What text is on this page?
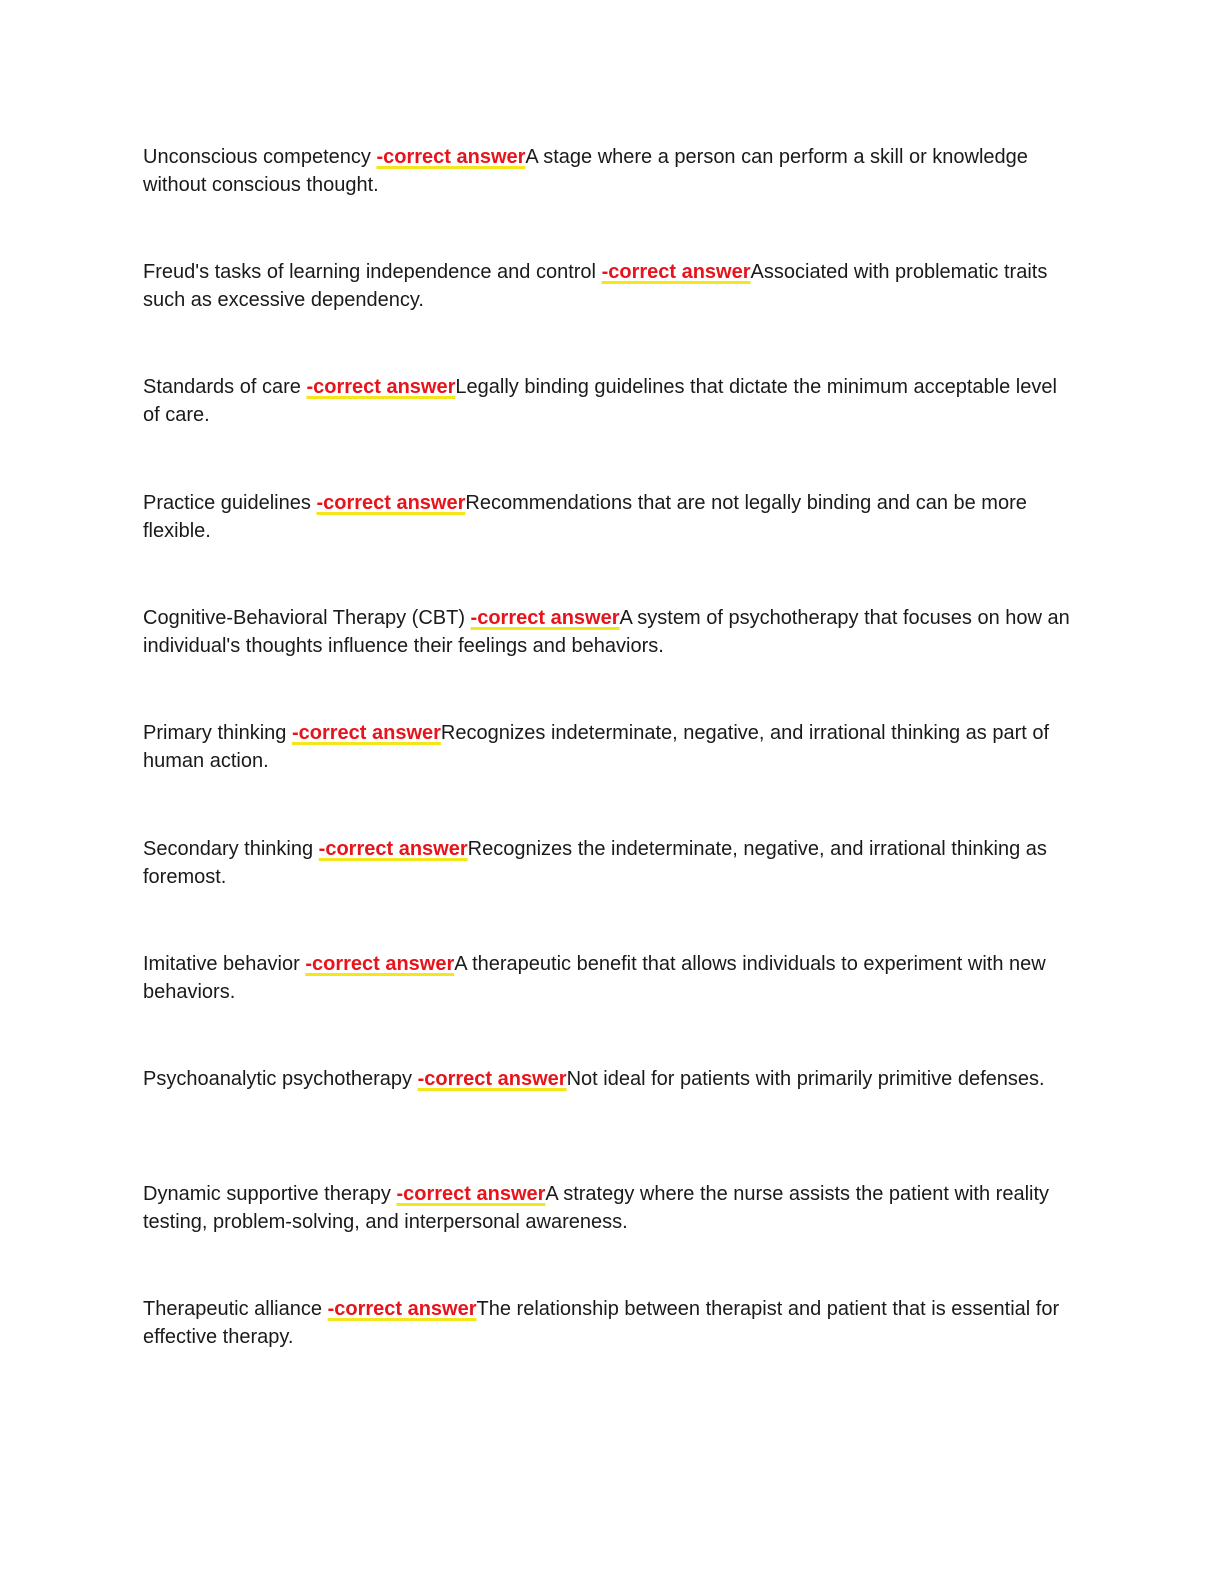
Unconscious competency -correct answerA stage where a person can perform a skill or knowledge without conscious thought.

Freud's tasks of learning independence and control -correct answerAssociated with problematic traits such as excessive dependency.

Standards of care -correct answerLegally binding guidelines that dictate the minimum acceptable level of care.

Practice guidelines -correct answerRecommendations that are not legally binding and can be more flexible.

Cognitive-Behavioral Therapy (CBT) -correct answerA system of psychotherapy that focuses on how an individual's thoughts influence their feelings and behaviors.

Primary thinking -correct answerRecognizes indeterminate, negative, and irrational thinking as part of human action.

Secondary thinking -correct answerRecognizes the indeterminate, negative, and irrational thinking as foremost.

Imitative behavior -correct answerA therapeutic benefit that allows individuals to experiment with new behaviors.

Psychoanalytic psychotherapy -correct answerNot ideal for patients with primarily primitive defenses.

Dynamic supportive therapy -correct answerA strategy where the nurse assists the patient with reality testing, problem-solving, and interpersonal awareness.

Therapeutic alliance -correct answerThe relationship between therapist and patient that is essential for effective therapy.
